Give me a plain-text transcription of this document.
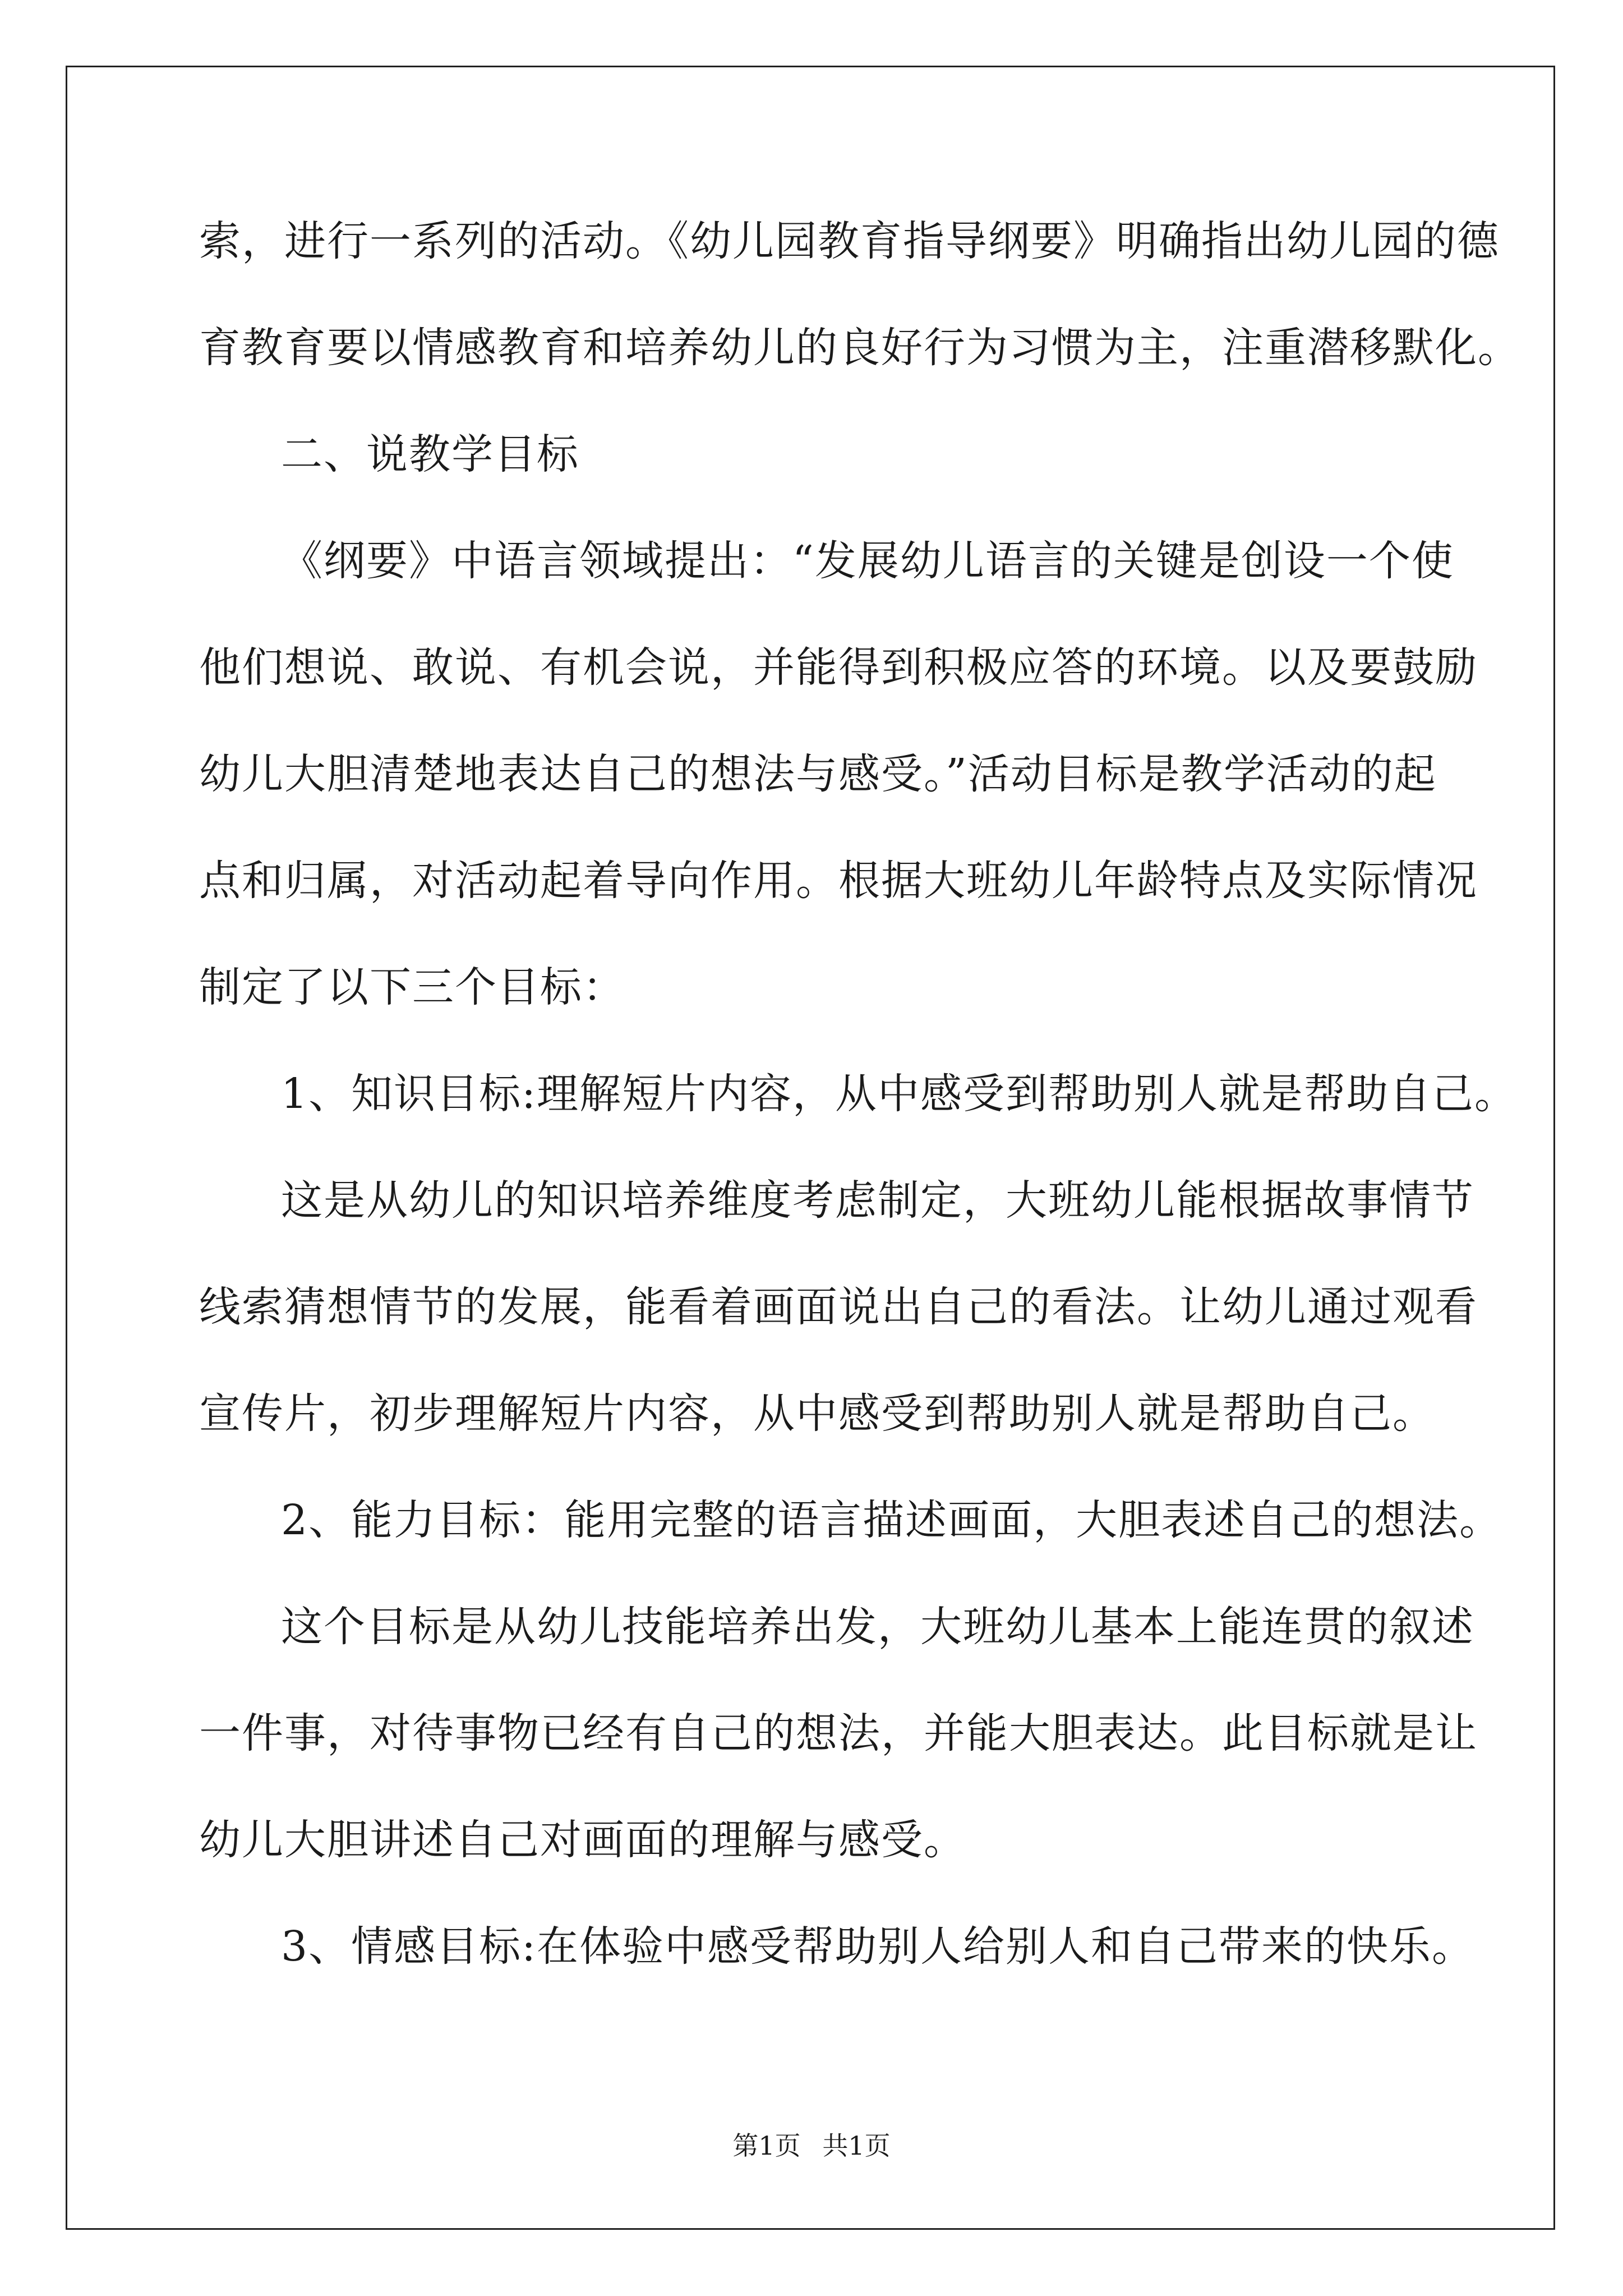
索，进行一系列的活动。《幼儿园教育指导纲要》明确指出幼儿园的德
育教育要以情感教育和培养幼儿的良好行为习惯为主，注重潜移默化。
二、说教学目标
《纲要》中语言领域提出：“发展幼儿语言的关键是创设一个使
他们想说、敢说、有机会说，并能得到积极应答的环境。以及要鼓励
幼儿大胆清楚地表达自己的想法与感受。”活动目标是教学活动的起
点和归属，对活动起着导向作用。根据大班幼儿年龄特点及实际情况
制定了以下三个目标：
1、知识目标:理解短片内容，从中感受到帮助别人就是帮助自己。
这是从幼儿的知识培养维度考虑制定，大班幼儿能根据故事情节
线索猜想情节的发展，能看着画面说出自己的看法。让幼儿通过观看
宣传片，初步理解短片内容，从中感受到帮助别人就是帮助自己。
2、能力目标：能用完整的语言描述画面，大胆表述自己的想法。
这个目标是从幼儿技能培养出发，大班幼儿基本上能连贯的叙述
一件事，对待事物已经有自己的想法，并能大胆表达。此目标就是让
幼儿大胆讲述自己对画面的理解与感受。
3、情感目标:在体验中感受帮助别人给别人和自己带来的快乐。
第1页 共1页
